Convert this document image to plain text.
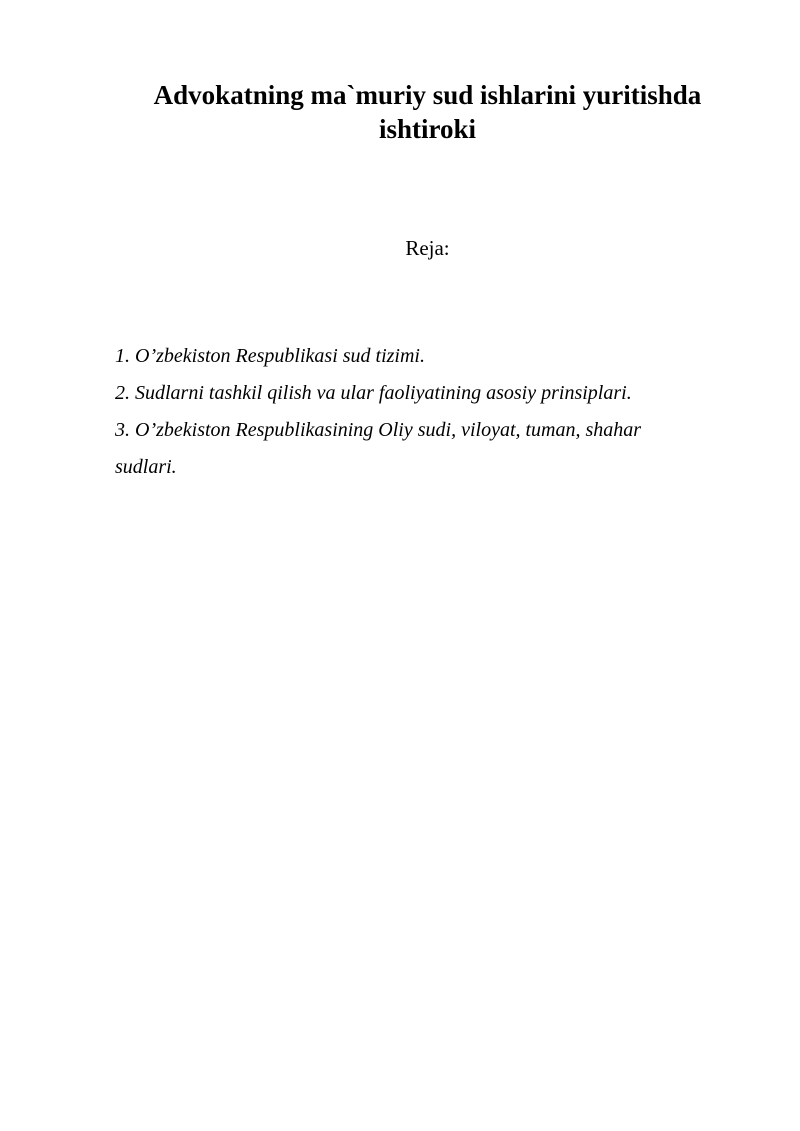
Advokatning ma`muriy sud ishlarini yuritishda
ishtiroki
Reja:
1. O’zbekiston Respublikasi sud tizimi.
2. Sudlarni tashkil qilish va ular faoliyatining asosiy prinsiplari.
3. O’zbekiston Respublikasining Oliy sudi, viloyat, tuman, shahar
sudlari.
